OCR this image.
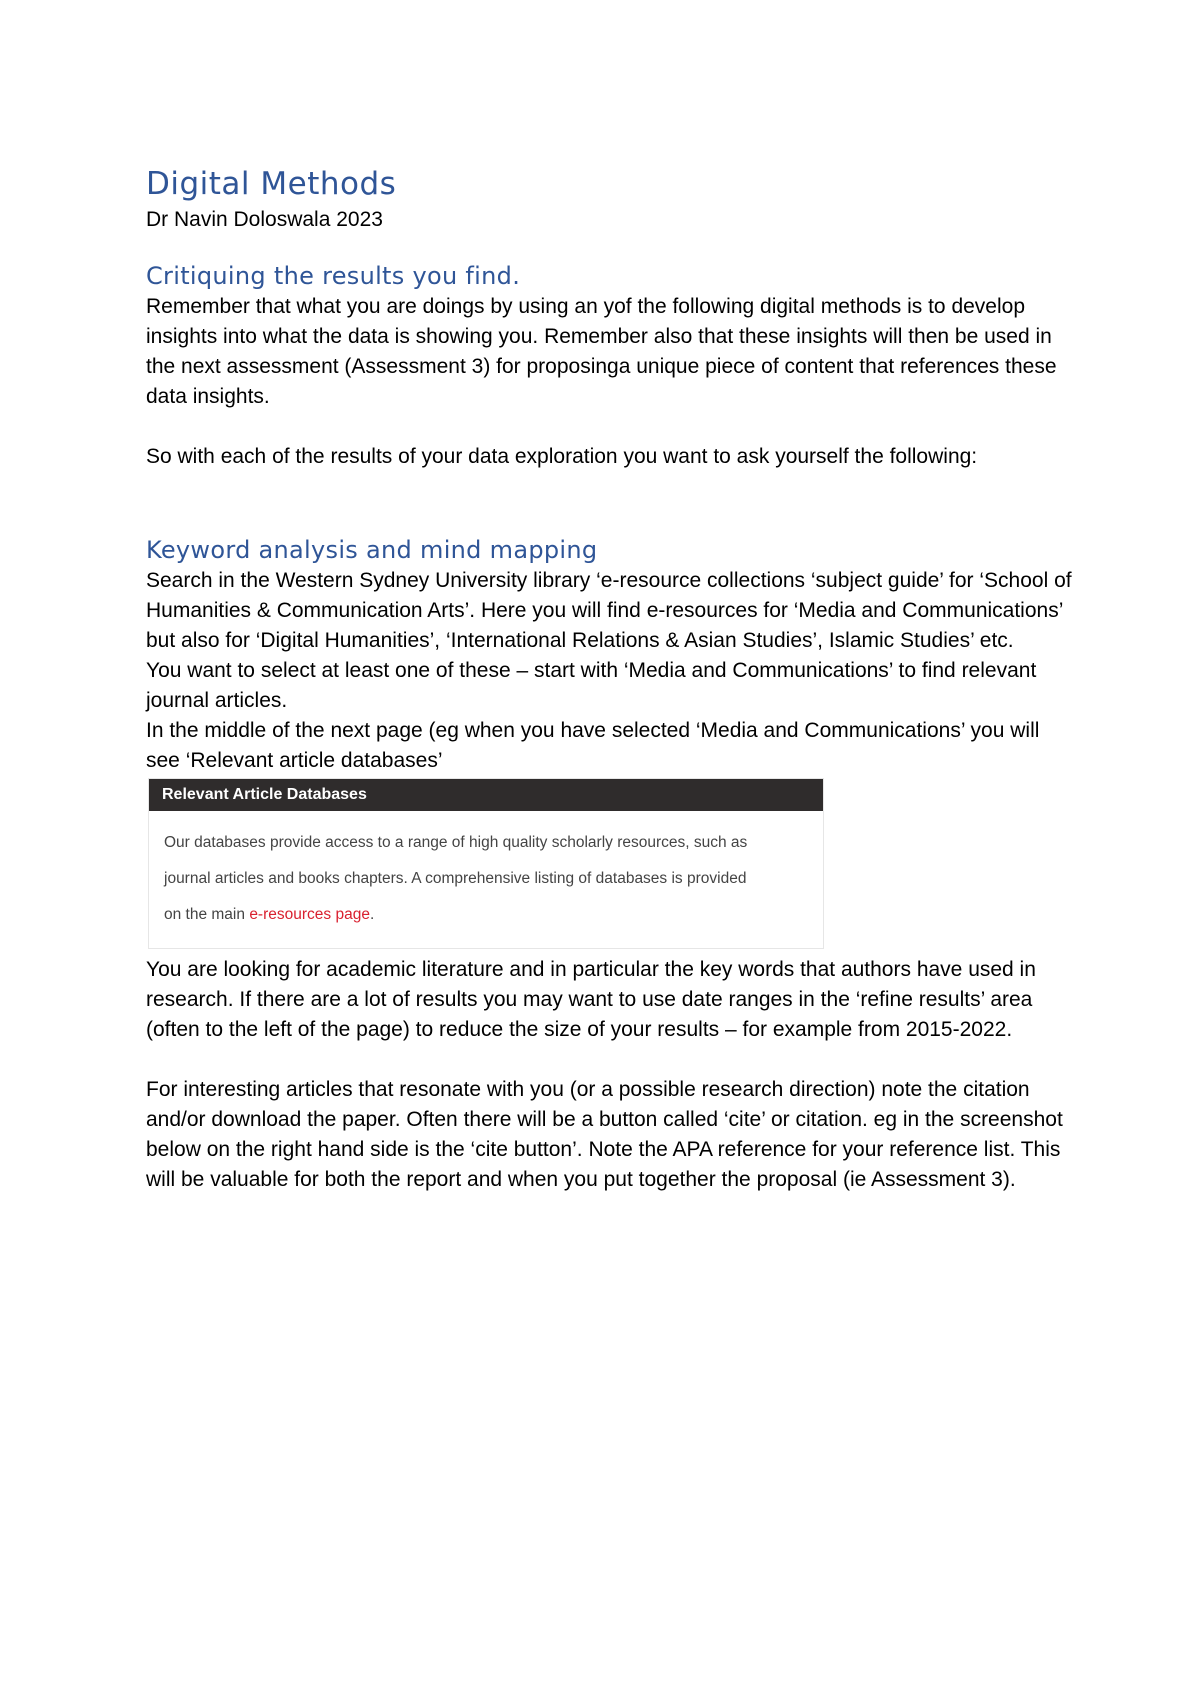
Digital Methods

Dr Navin Doloswala 2023

Critiquing the results you find.

Remember that what you are doings by using an yof the following digital methods is to develop insights into what the data is showing you. Remember also that these insights will then be used in the next assessment (Assessment 3) for proposinga unique piece of content that references these data insights.

So with each of the results of your data exploration you want to ask yourself the following:

Keyword analysis and mind mapping

Search in the Western Sydney University library ‘e-resource collections ‘subject guide’ for ‘School of Humanities & Communication Arts’. Here you will find e-resources for ‘Media and Communications’ but also for ‘Digital Humanities’, ‘International Relations & Asian Studies’, Islamic Studies’ etc.

You want to select at least one of these – start with ‘Media and Communications’ to find relevant journal articles.

In the middle of the next page (eg when you have selected ‘Media and Communications’ you will see ‘Relevant article databases’

Relevant Article Databases
Our databases provide access to a range of high quality scholarly resources, such as
journal articles and books chapters. A comprehensive listing of databases is provided
on the main e-resources page.

You are looking for academic literature and in particular the key words that authors have used in research. If there are a lot of results you may want to use date ranges in the ‘refine results’ area (often to the left of the page) to reduce the size of your results – for example from 2015-2022.

For interesting articles that resonate with you (or a possible research direction) note the citation and/or download the paper. Often there will be a button called ‘cite’ or citation. eg in the screenshot below on the right hand side is the ‘cite button’. Note the APA reference for your reference list. This will be valuable for both the report and when you put together the proposal (ie Assessment 3).
